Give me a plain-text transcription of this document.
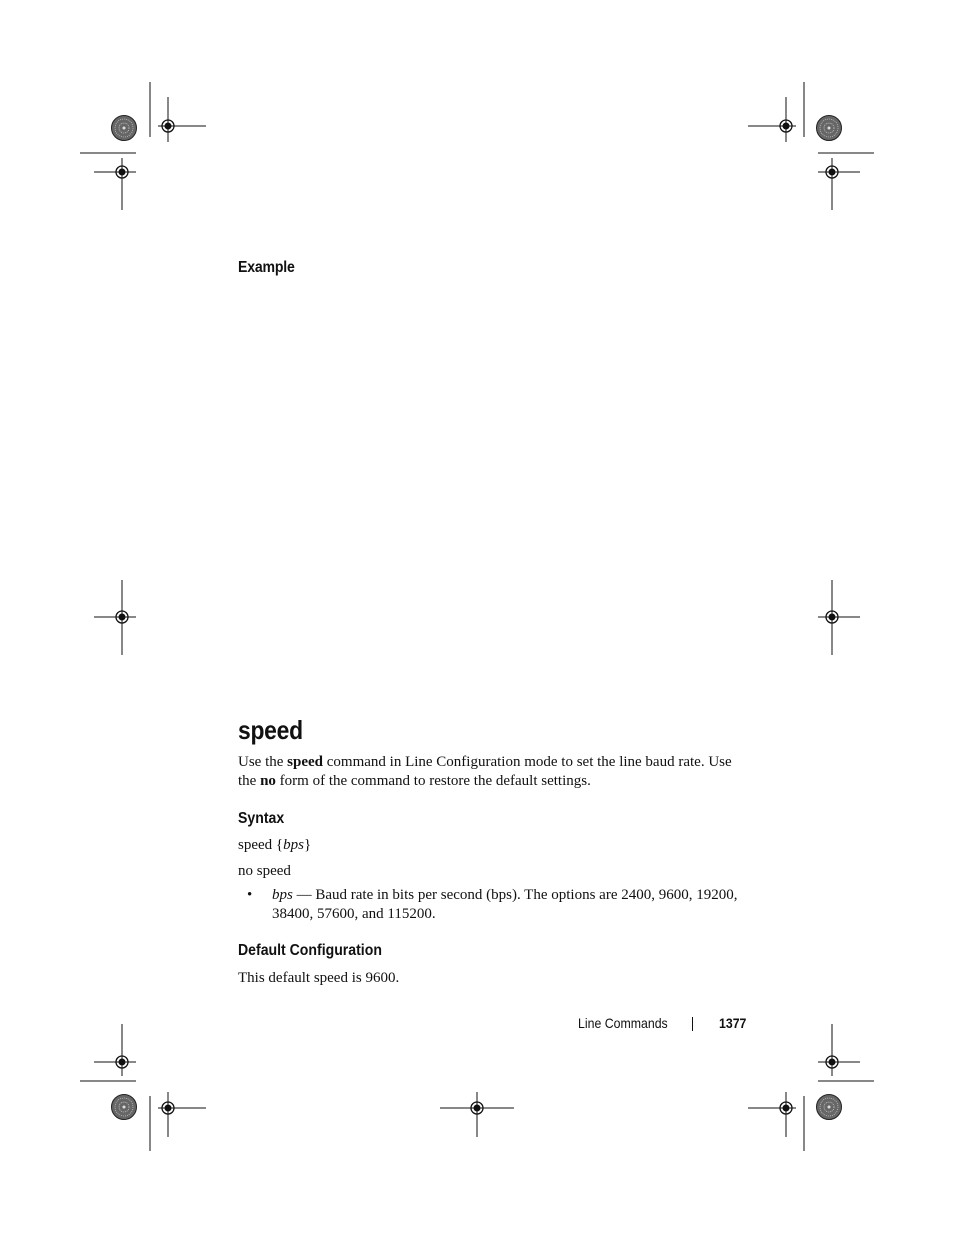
Example
speed
Use the speed command in Line Configuration mode to set the line baud rate. Use the no form of the command to restore the default settings.
Syntax
speed {bps}
no speed
• bps — Baud rate in bits per second (bps). The options are 2400, 9600, 19200, 38400, 57600, and 115200.
Default Configuration
This default speed is 9600.
Line Commands	1377
